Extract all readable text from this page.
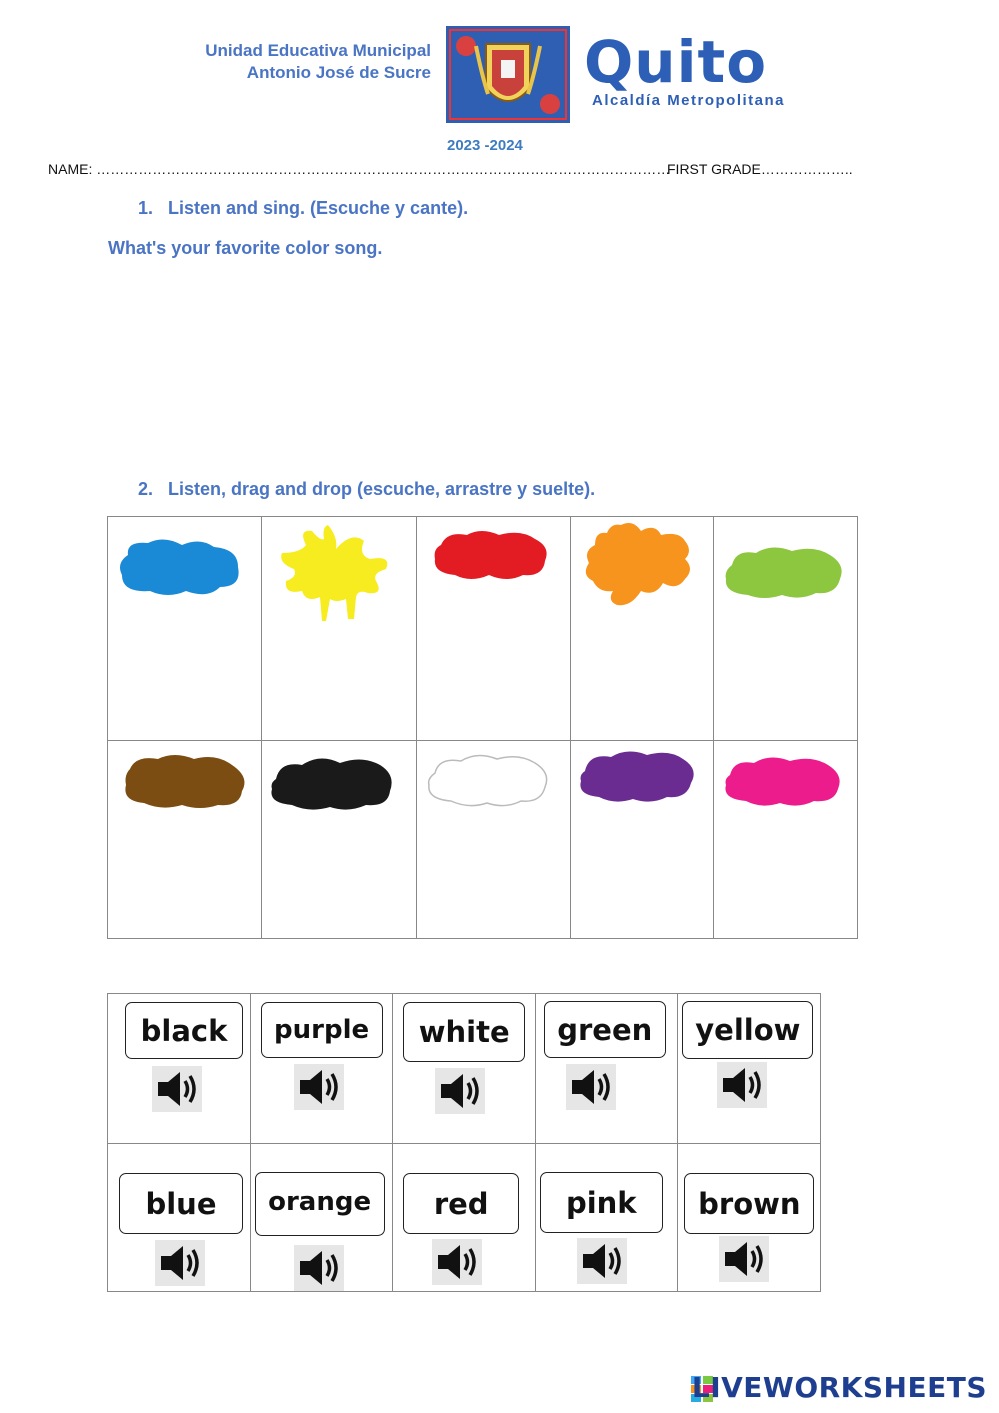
Unidad Educativa Municipal
Antonio José de Sucre	Quito
Alcaldía Metropolitana
2023 -2024
NAME: ……………………………………………………………………………………………………………
FIRST GRADE………………..
1. Listen and sing. (Escuche y cante).
What's your favorite color song.
2. Listen, drag and drop (escuche, arrastre y suelte).

black	purple	white	green	yellow

blue	orange	red	pink	brown
LIVEWORKSHEETS
